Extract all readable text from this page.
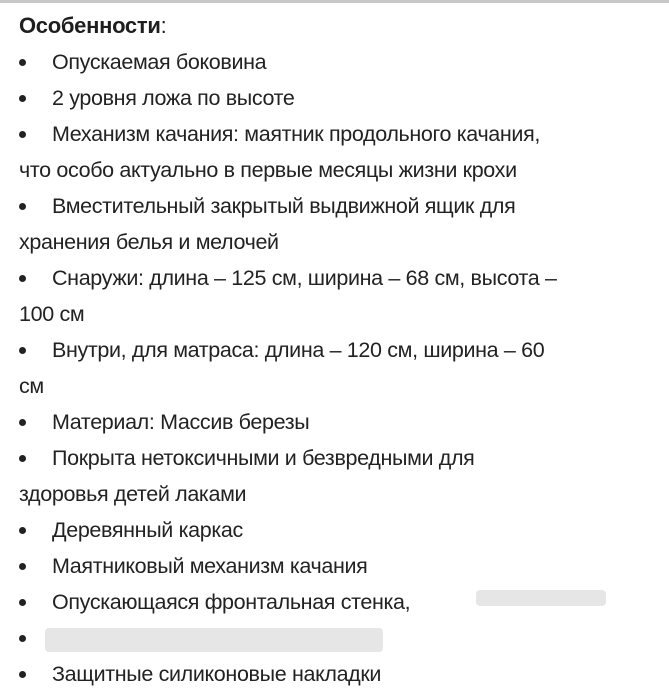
Особенности:
Опускаемая боковина
2 уровня ложа по высоте
Механизм качания: маятник продольного качания,
что особо актуально в первые месяцы жизни крохи
Вместительный закрытый выдвижной ящик для
хранения белья и мелочей
Снаружи: длина – 125 см, ширина – 68 см, высота –
100 см
Внутри, для матраса: длина – 120 см, ширина – 60
см
Материал: Массив березы
Покрыта нетоксичными и безвредными для
здоровья детей лаками
Деревянный каркас
Маятниковый механизм качания
Опускающаяся фронтальная стенка,
Защитные силиконовые накладки
